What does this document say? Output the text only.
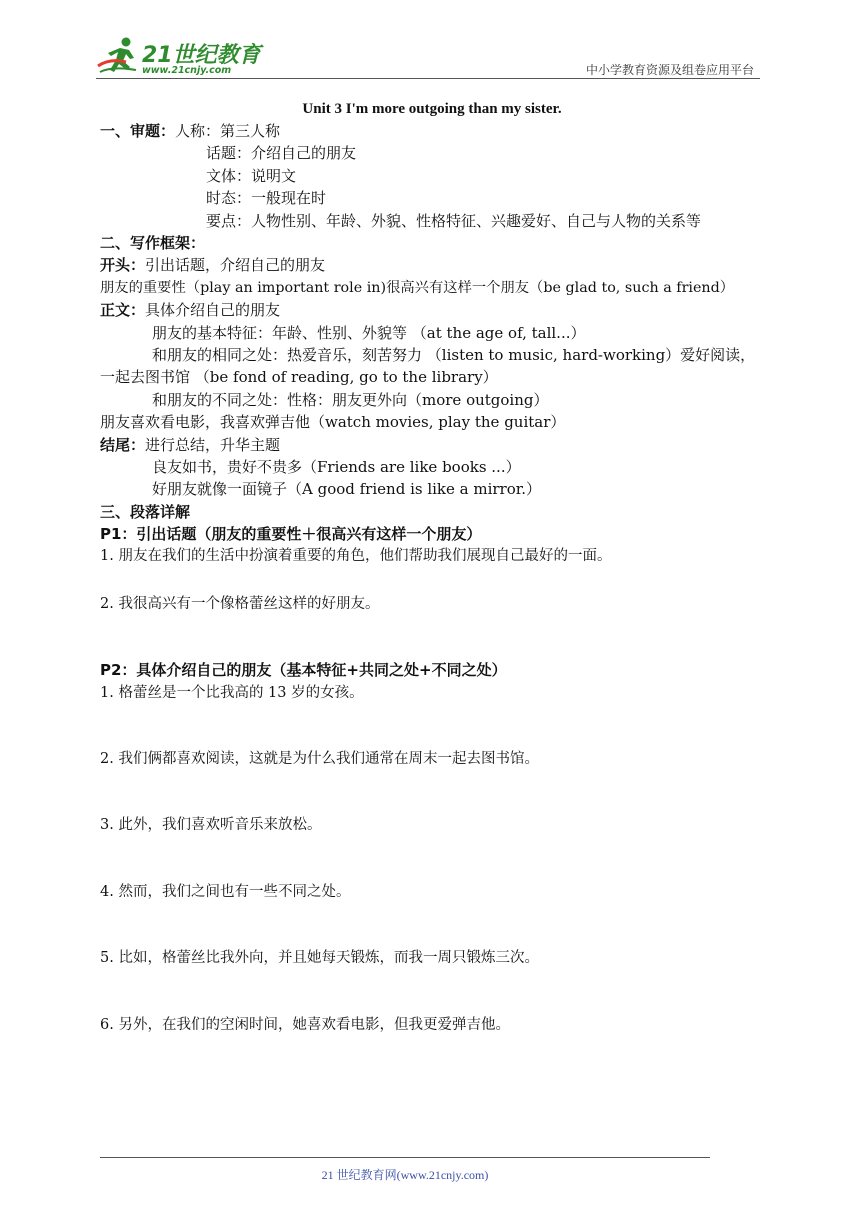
21世纪教育
www.21cnjy.com	中小学教育资源及组卷应用平台
Unit 3 I'm more outgoing than my sister.
一、审题：人称：第三人称
话题：介绍自己的朋友
文体：说明文
时态：一般现在时
要点：人物性别、年龄、外貌、性格特征、兴趣爱好、自己与人物的关系等
二、写作框架：
开头：引出话题，介绍自己的朋友
朋友的重要性（play an important role in)很高兴有这样一个朋友（be glad to, such a friend）
正文：具体介绍自己的朋友
朋友的基本特征：年龄、性别、外貌等 （at the age of, tall...）
和朋友的相同之处：热爱音乐，刻苦努力 （listen to music, hard-working）爱好阅读，一起去图书馆 （be fond of reading, go to the library）
和朋友的不同之处：性格：朋友更外向（more outgoing）
朋友喜欢看电影，我喜欢弹吉他（watch movies, play the guitar）
结尾：进行总结，升华主题
良友如书，贵好不贵多（Friends are like books ...）
好朋友就像一面镜子（A good friend is like a mirror.）
三、段落详解
P1：引出话题（朋友的重要性＋很高兴有这样一个朋友）
1. 朋友在我们的生活中扮演着重要的角色，他们帮助我们展现自己最好的一面。
2. 我很高兴有一个像格蕾丝这样的好朋友。
P2：具体介绍自己的朋友（基本特征+共同之处+不同之处）
1. 格蕾丝是一个比我高的 13 岁的女孩。
2. 我们俩都喜欢阅读，这就是为什么我们通常在周末一起去图书馆。
3. 此外，我们喜欢听音乐来放松。
4. 然而，我们之间也有一些不同之处。
5. 比如，格蕾丝比我外向，并且她每天锻炼，而我一周只锻炼三次。
6. 另外，在我们的空闲时间，她喜欢看电影，但我更爱弹吉他。
21 世纪教育网(www.21cnjy.com)
